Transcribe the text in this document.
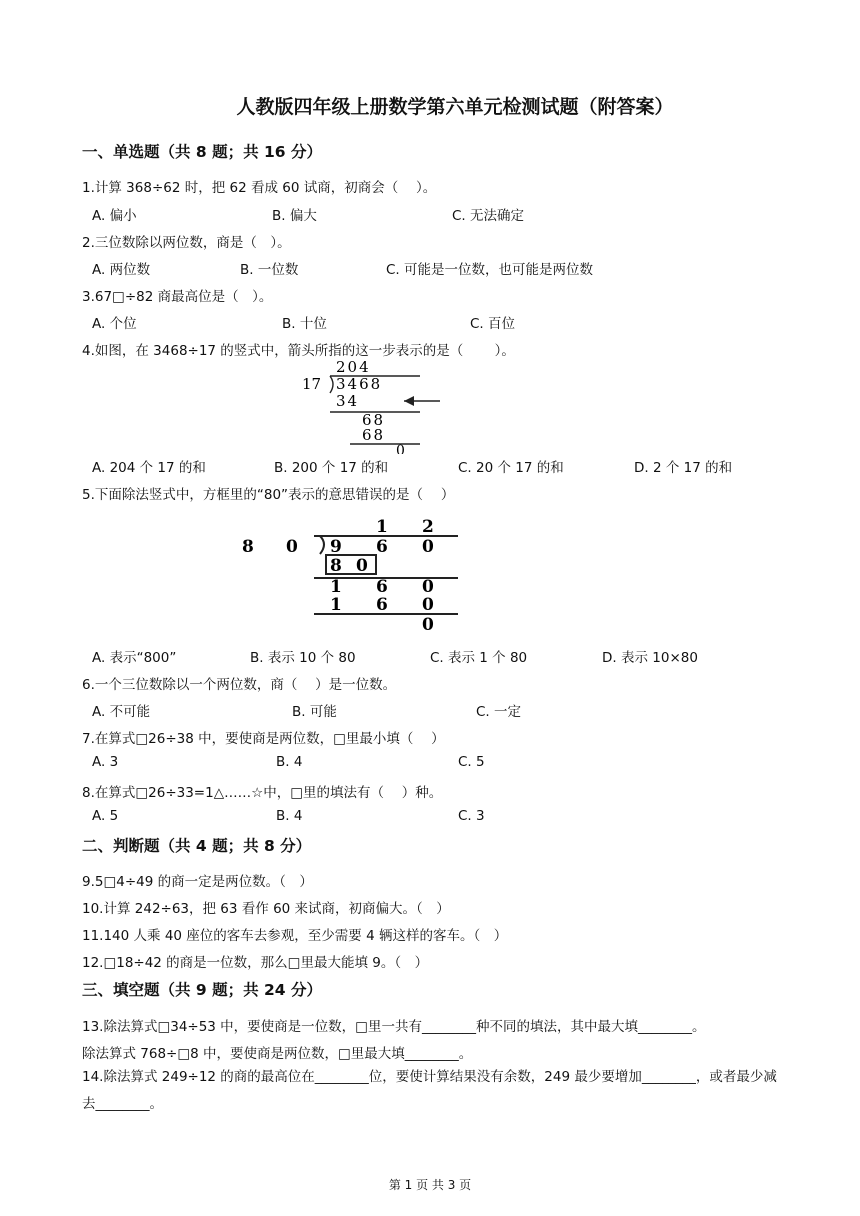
人教版四年级上册数学第六单元检测试题（附答案）
一、单选题（共 8 题；共 16 分）
1.计算 368÷62 时，把 62 看成 60 试商，初商会（　 ）。
A. 偏小	B. 偏大	C. 无法确定
2.三位数除以两位数，商是（　）。
A. 两位数	B. 一位数	C. 可能是一位数，也可能是两位数
3.67□÷82 商最高位是（　）。
A. 个位	B. 十位	C. 百位
4.如图，在 3468÷17 的竖式中，箭头所指的这一步表示的是（　　 ）。
204
17 3468
34
68
68
0
A. 204 个 17 的和	B. 200 个 17 的和	C. 20 个 17 的和	D. 2 个 17 的和
5.下面除法竖式中，方框里的“80”表示的意思错误的是（　 ）
1 2
8 0 9 6 0
8 0
1 6 0
1 6 0
0
A. 表示“800”	B. 表示 10 个 80	C. 表示 1 个 80	D. 表示 10×80
6.一个三位数除以一个两位数，商（　 ）是一位数。
A. 不可能	B. 可能	C. 一定
7.在算式□26÷38 中，要使商是两位数，□里最小填（　 ）
A. 3	B. 4	C. 5
8.在算式□26÷33=1△……☆中，□里的填法有（　 ）种。
A. 5	B. 4	C. 3
二、判断题（共 4 题；共 8 分）
9.5□4÷49 的商一定是两位数。（　）
10.计算 242÷63，把 63 看作 60 来试商，初商偏大。（　）
11.140 人乘 40 座位的客车去参观，至少需要 4 辆这样的客车。（　）
12.□18÷42 的商是一位数，那么□里最大能填 9。（　）
三、填空题（共 9 题；共 24 分）
13.除法算式□34÷53 中，要使商是一位数，□里一共有________种不同的填法，其中最大填________。
除法算式 768÷□8 中，要使商是两位数，□里最大填________。
14.除法算式 249÷12 的商的最高位在________位，要使计算结果没有余数，249 最少要增加________，或者最少减去________。
第 1 页 共 3 页
